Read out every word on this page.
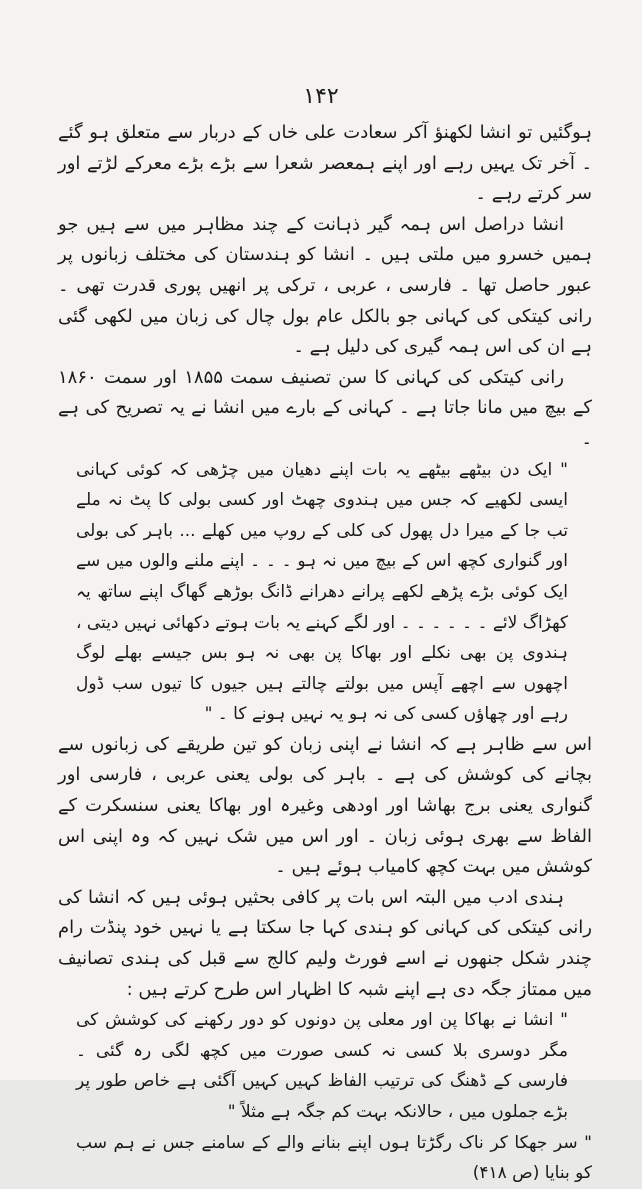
۱۴۲

ہوگئیں تو انشا لکھنؤ آکر سعادت علی خاں کے دربار سے متعلق ہو گئے ۔ آخر تک یہیں رہے اور اپنے ہمعصر شعرا سے بڑے بڑے معرکے لڑتے اور سر کرتے رہے ۔

انشا دراصل اس ہمہ گیر ذہانت کے چند مظاہر میں سے ہیں جو ہمیں خسرو میں ملتی ہیں ۔ انشا کو ہندستان کی مختلف زبانوں پر عبور حاصل تھا ۔ فارسی ، عربی ، ترکی پر انھیں پوری قدرت تھی ۔ رانی کیتکی کی کہانی جو بالکل عام بول چال کی زبان میں لکھی گئی ہے ان کی اس ہمہ گیری کی دلیل ہے ۔

رانی کیتکی کی کہانی کا سن تصنیف سمت ۱۸۵۵ اور سمت ۱۸۶۰ کے بیچ میں مانا جاتا ہے ۔ کہانی کے بارے میں انشا نے یہ تصریح کی ہے ۔

" ایک دن بیٹھے بیٹھے یہ بات اپنے دھیان میں چڑھی کہ کوئی کہانی ایسی لکھیے کہ جس میں ہندوی چھٹ اور کسی بولی کا پٹ نہ ملے تب جا کے میرا دل پھول کی کلی کے روپ میں کھلے ... باہر کی بولی اور گنواری کچھ اس کے بیچ میں نہ ہو ۔ ۔ ۔ اپنے ملنے والوں میں سے ایک کوئی بڑے پڑھے لکھے پرانے دھرانے ڈانگ بوڑھے گھاگ اپنے ساتھ یہ کھڑاگ لائے ۔ ۔ ۔ ۔ ۔ ۔ اور لگے کہنے یہ بات ہوتے دکھائی نہیں دیتی ، ہندوی پن بھی نکلے اور بھاکا پن بھی نہ ہو بس جیسے بھلے لوگ اچھوں سے اچھے آپس میں بولتے چالتے ہیں جیوں کا تیوں سب ڈول رہے اور چھاؤں کسی کی نہ ہو یہ نہیں ہونے کا ۔ "

اس سے ظاہر ہے کہ انشا نے اپنی زبان کو تین طریقے کی زبانوں سے بچانے کی کوشش کی ہے ۔ باہر کی بولی یعنی عربی ، فارسی اور گنواری یعنی برج بھاشا اور اودھی وغیرہ اور بھاکا یعنی سنسکرت کے الفاظ سے بھری ہوئی زبان ۔ اور اس میں شک نہیں کہ وہ اپنی اس کوشش میں بہت کچھ کامیاب ہوئے ہیں ۔

ہندی ادب میں البتہ اس بات پر کافی بحثیں ہوئی ہیں کہ انشا کی رانی کیتکی کی کہانی کو ہندی کہا جا سکتا ہے یا نہیں خود پنڈت رام چندر شکل جنھوں نے اسے فورٹ ولیم کالج سے قبل کی ہندی تصانیف میں ممتاز جگہ دی ہے اپنے شبہ کا اظہار اس طرح کرتے ہیں :

" انشا نے بھاکا پن اور معلی پن دونوں کو دور رکھنے کی کوشش کی مگر دوسری بلا کسی نہ کسی صورت میں کچھ لگی رہ گئی ۔ فارسی کے ڈھنگ کی ترتیب الفاظ کہیں کہیں آگئی ہے خاص طور پر بڑے جملوں میں ، حالانکہ بہت کم جگہ ہے مثلاً "

" سر جھکا کر ناک رگڑتا ہوں اپنے بنانے والے کے سامنے جس نے ہم سب کو بنایا (ص ۴۱۸)
